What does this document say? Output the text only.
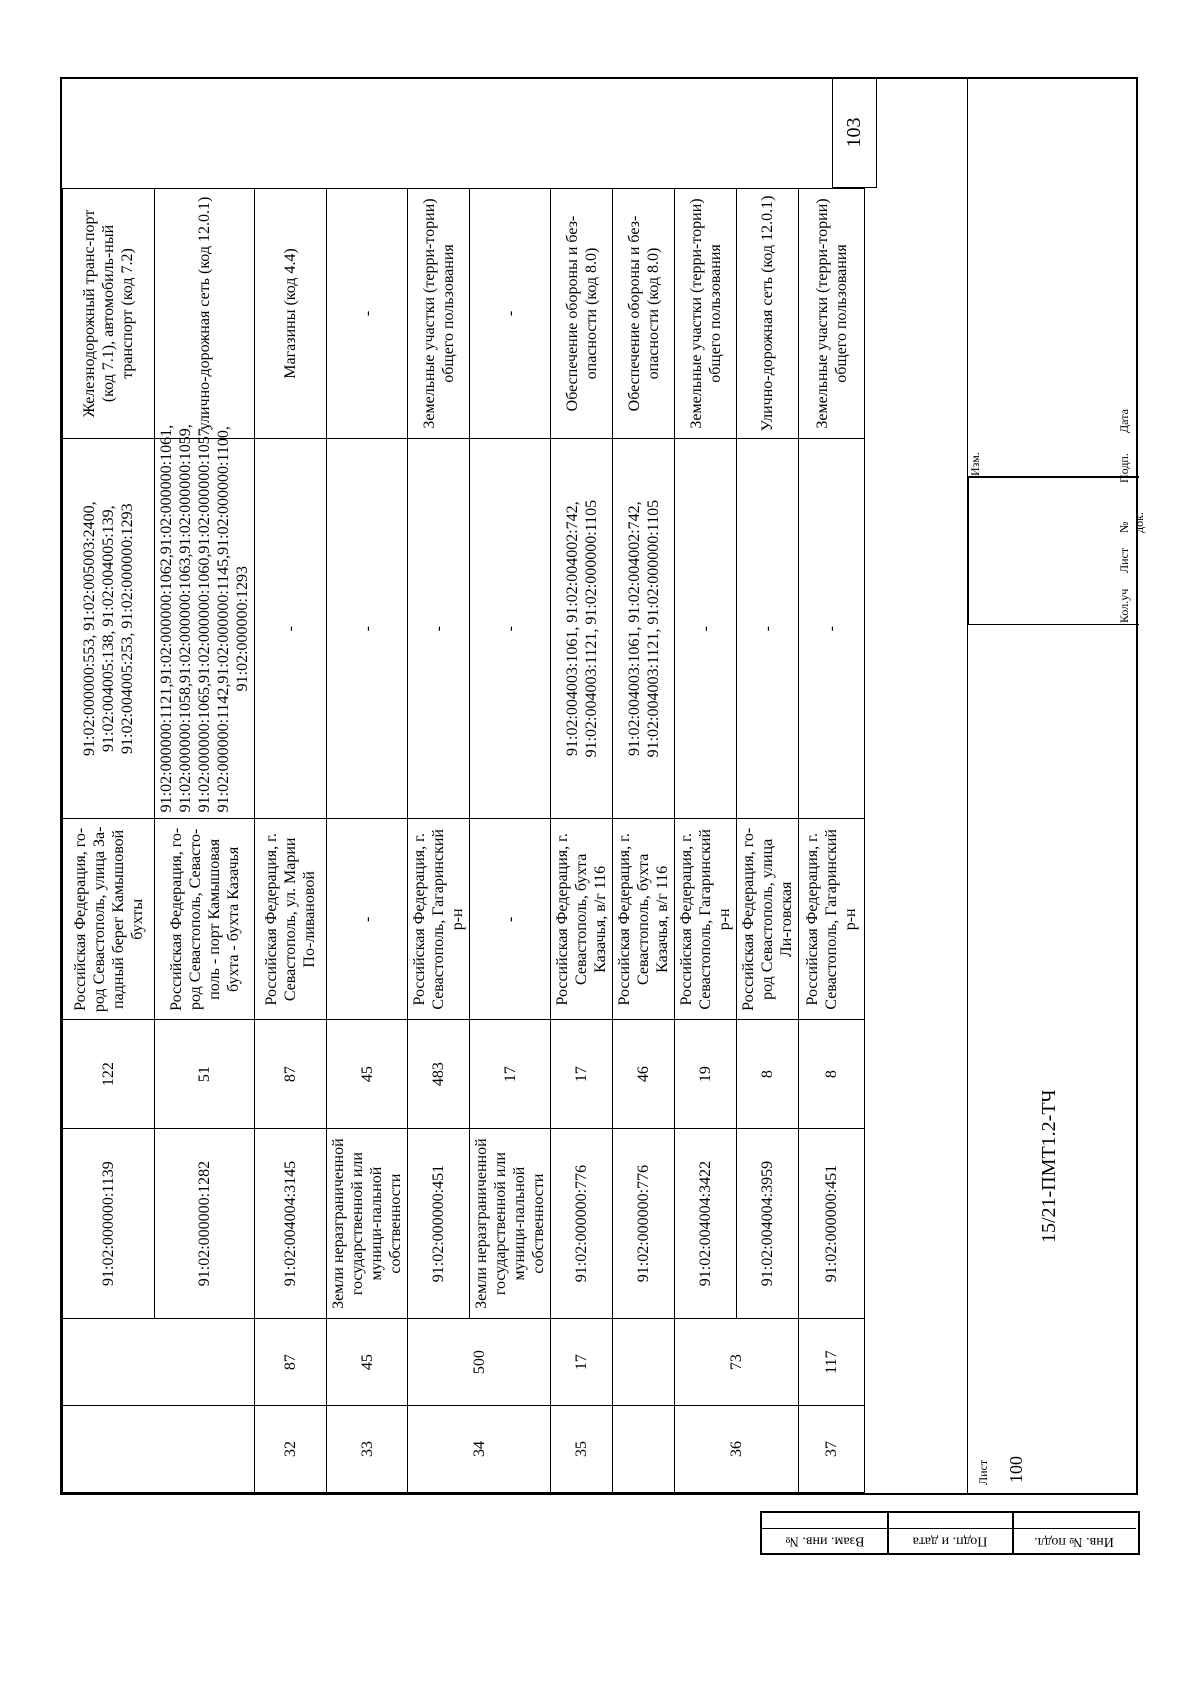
Взам. инв. №	Подп. и дата	Инв. № подл.
		91:02:000000:1139	122	Российская Федерация, го-род Севастополь, улица За-падный берег Камышовой бухты	91:02:000000:553, 91:02:005003:2400, 91:02:004005:138, 91:02:004005:139, 91:02:004005:253, 91:02:000000:1293	Железнодорожный транс-порт (код 7.1), автомобиль-ный транспорт (код 7.2)
		91:02:000000:1282	51	Российская Федерация, го-род Севастополь, Севасто-поль - порт Камышовая бухта - бухта Казачья	91:02:000000:1121,91:02:000000:1062,91:02:000000:1061, 91:02:000000:1058,91:02:000000:1063,91:02:000000:1059, 91:02:000000:1065,91:02:000000:1060,91:02:000000:1057, 91:02:000000:1142,91:02:000000:1145,91:02:000000:1100, 91:02:000000:1293	улично-дорожная сеть (код 12.0.1)
32	87	91:02:004004:3145	87	Российская Федерация, г. Севастополь, ул. Марии По-ливановой	-	Магазины (код 4.4)
33	45	Земли неразграниченной государственной или муници-пальной собственности	45	-	-	-
34	500	91:02:000000:451	483	Российская Федерация, г. Севастополь, Гагаринский р-н	-	Земельные участки (терри-тории) общего пользования
		Земли неразграниченной государственной или муници-пальной собственности	17	-	-	-
35	17	91:02:000000:776	17	Российская Федерация, г. Севастополь, бухта Казачья, в/г 116	91:02:004003:1061, 91:02:004002:742, 91:02:004003:1121, 91:02:000000:1105	Обеспечение обороны и без-опасности (код 8.0)
		91:02:000000:776	46	Российская Федерация, г. Севастополь, бухта Казачья, в/г 116	91:02:004003:1061, 91:02:004002:742, 91:02:004003:1121, 91:02:000000:1105	Обеспечение обороны и без-опасности (код 8.0)
36	73	91:02:004004:3422	19	Российская Федерация, г. Севастополь, Гагаринский р-н	-	Земельные участки (терри-тории) общего пользования
		91:02:004004:3959	8	Российская Федерация, го-род Севастополь, улица Ли-говская	-	Улично-дорожная сеть (код 12.0.1)
37	117	91:02:000000:451	8	Российская Федерация, г. Севастополь, Гагаринский р-н	-	Земельные участки (терри-тории) общего пользования
103
Изм.
15/21-ПМТ1.2-ТЧ
Лист 100
Кол.уч
Лист
№ док.
Подп.
Дата
